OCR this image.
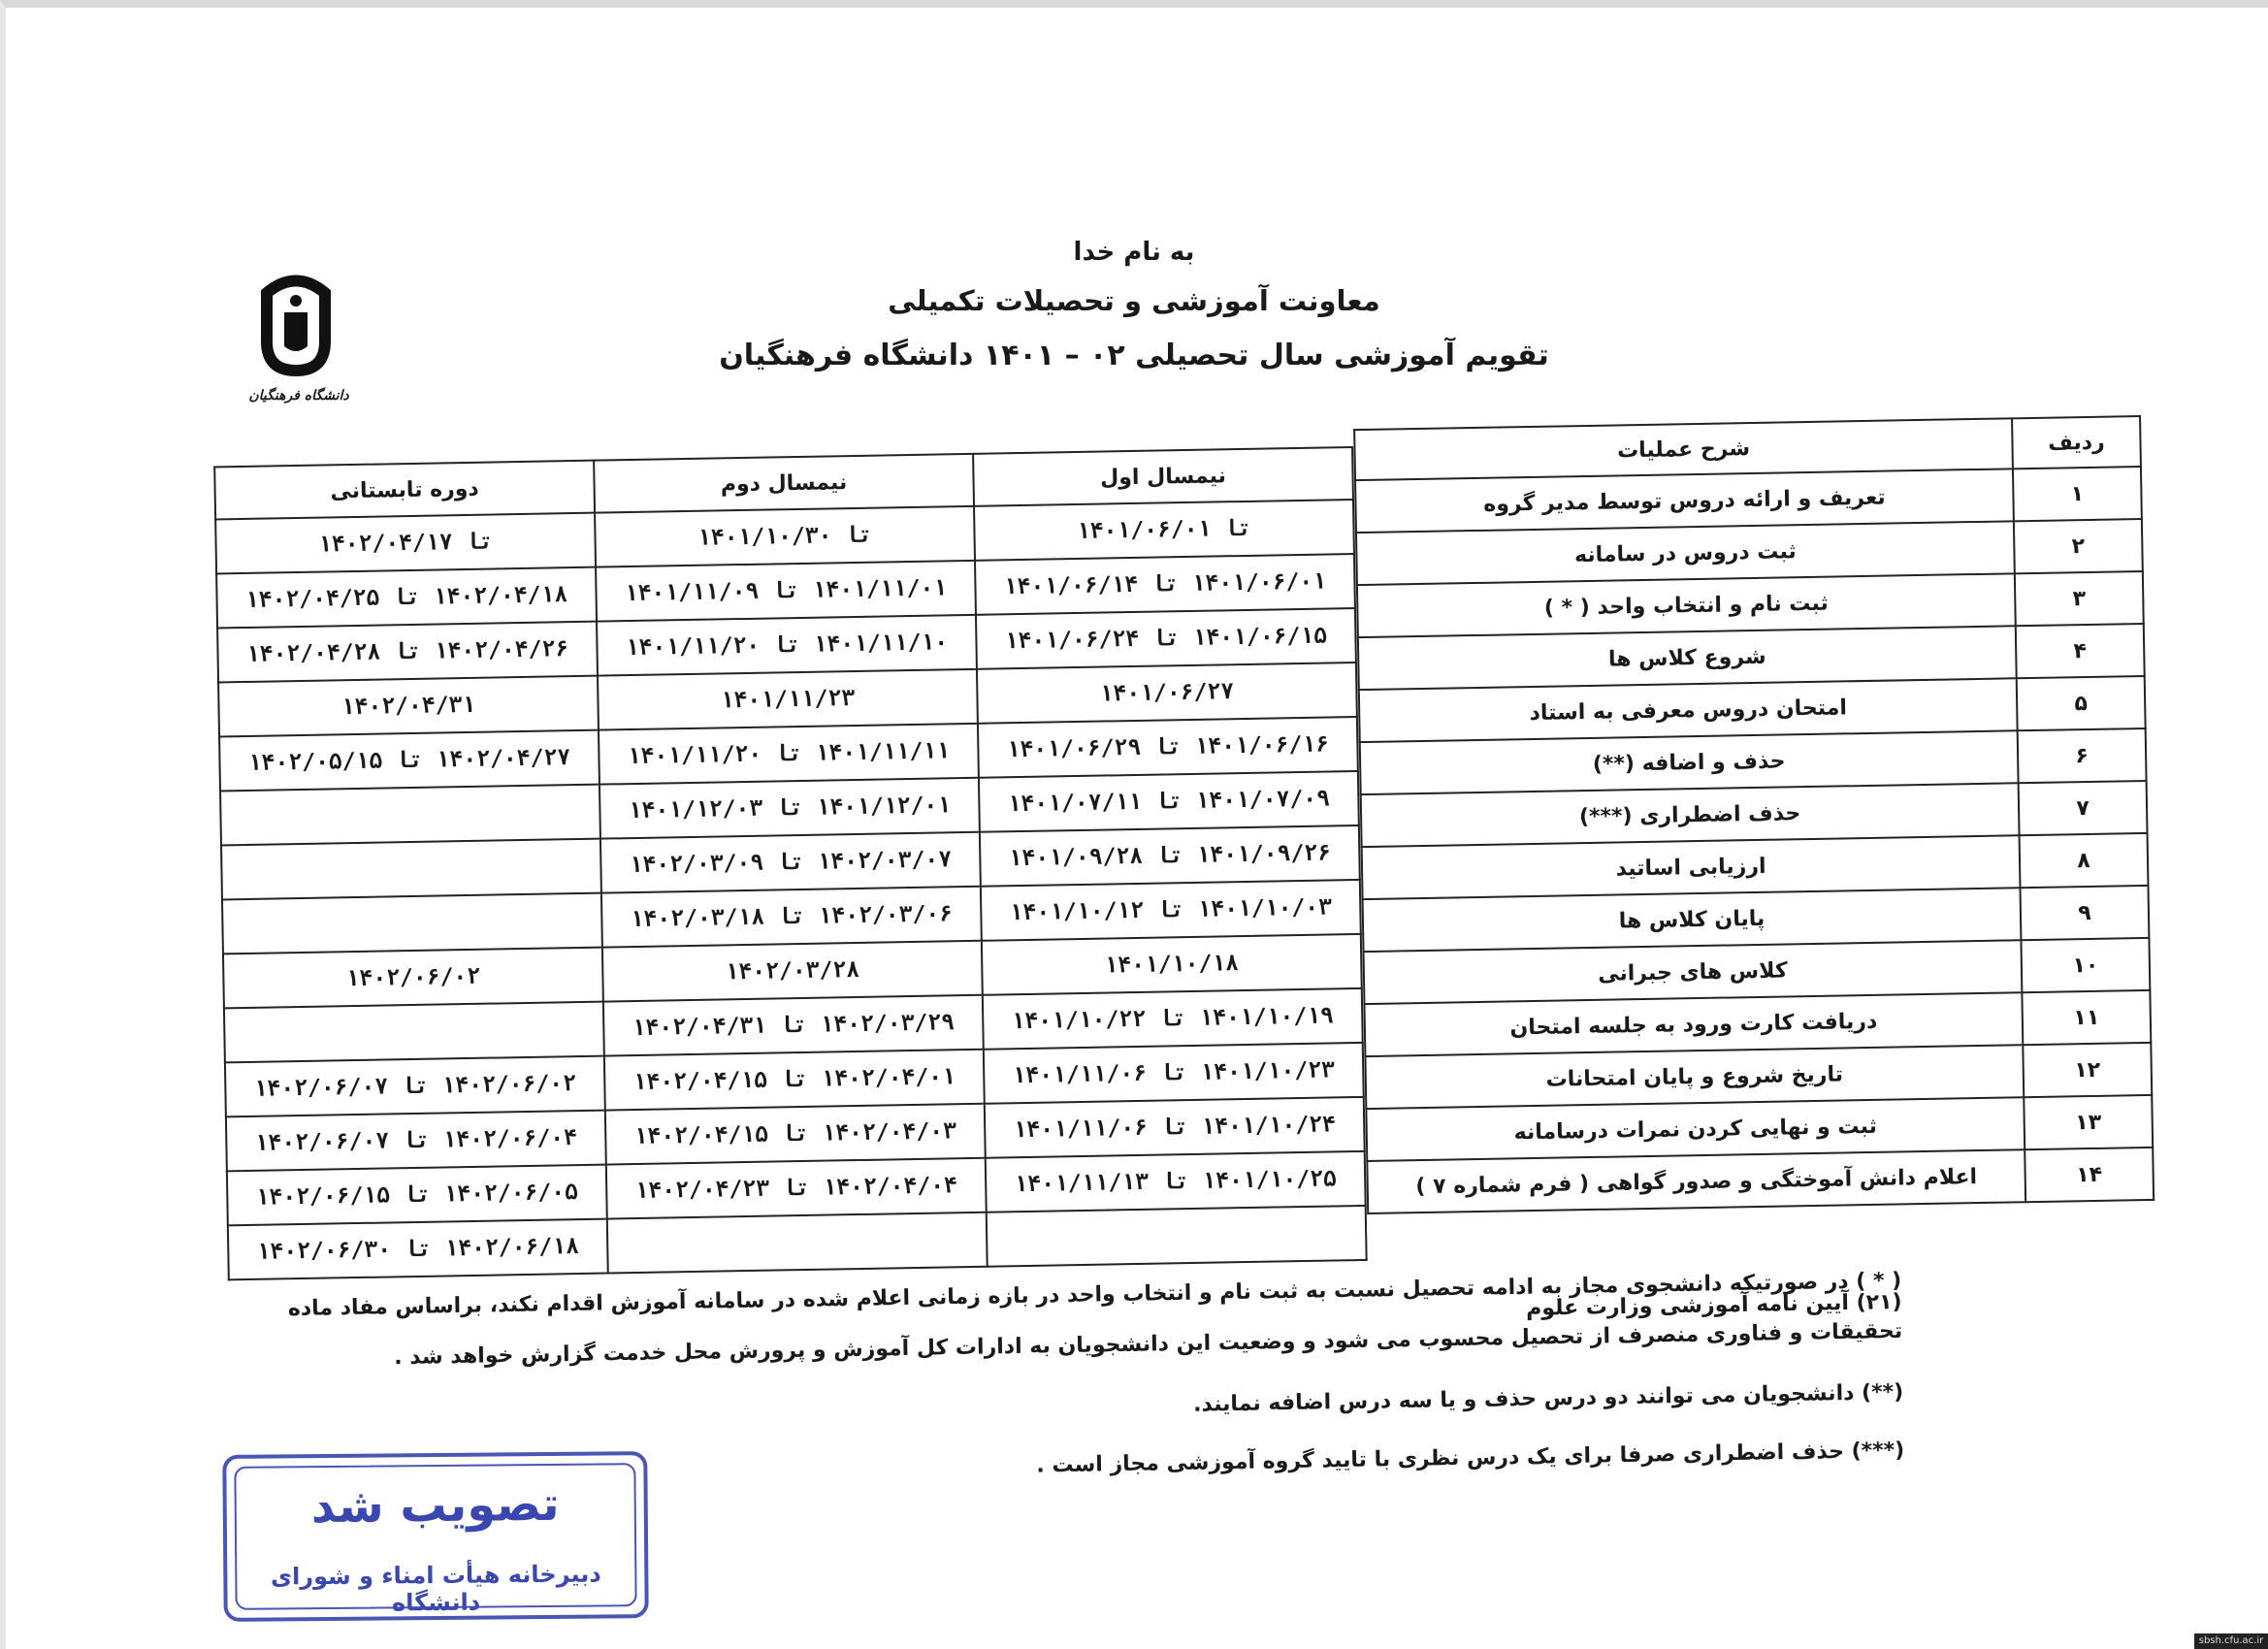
به نام خدا
معاونت آموزشی و تحصیلات تکمیلی
تقویم آموزشی سال تحصیلی ۰۲ – ۱۴۰۱ دانشگاه فرهنگیان
دانشگاه فرهنگیان
ردیف	شرح عملیات
۱	تعریف و ارائه دروس توسط مدیر گروه
۲	ثبت دروس در سامانه
۳	ثبت نام و انتخاب واحد ( * )
۴	شروع کلاس ها
۵	امتحان دروس معرفی به استاد
۶	حذف و اضافه (**)
۷	حذف اضطراری (***)
۸	ارزیابی اساتید
۹	پایان کلاس ها
۱۰	کلاس های جبرانی
۱۱	دریافت کارت ورود به جلسه امتحان
۱۲	تاریخ شروع و پایان امتحانات
۱۳	ثبت و نهایی کردن نمرات درسامانه
۱۴	اعلام دانش آموختگی و صدور گواهی ( فرم شماره ۷ )
نیمسال اول	نیمسال دوم	دوره تابستانی
تا ۱۴۰۱/۰۶/۰۱	تا ۱۴۰۱/۱۰/۳۰	تا ۱۴۰۲/۰۴/۱۷
۱۴۰۱/۰۶/۰۱ تا ۱۴۰۱/۰۶/۱۴	۱۴۰۱/۱۱/۰۱ تا ۱۴۰۱/۱۱/۰۹	۱۴۰۲/۰۴/۱۸ تا ۱۴۰۲/۰۴/۲۵
۱۴۰۱/۰۶/۱۵ تا ۱۴۰۱/۰۶/۲۴	۱۴۰۱/۱۱/۱۰ تا ۱۴۰۱/۱۱/۲۰	۱۴۰۲/۰۴/۲۶ تا ۱۴۰۲/۰۴/۲۸
۱۴۰۱/۰۶/۲۷	۱۴۰۱/۱۱/۲۳	۱۴۰۲/۰۴/۳۱
۱۴۰۱/۰۶/۱۶ تا ۱۴۰۱/۰۶/۲۹	۱۴۰۱/۱۱/۱۱ تا ۱۴۰۱/۱۱/۲۰	۱۴۰۲/۰۴/۲۷ تا ۱۴۰۲/۰۵/۱۵
۱۴۰۱/۰۷/۰۹ تا ۱۴۰۱/۰۷/۱۱	۱۴۰۱/۱۲/۰۱ تا ۱۴۰۱/۱۲/۰۳	
۱۴۰۱/۰۹/۲۶ تا ۱۴۰۱/۰۹/۲۸	۱۴۰۲/۰۳/۰۷ تا ۱۴۰۲/۰۳/۰۹	
۱۴۰۱/۱۰/۰۳ تا ۱۴۰۱/۱۰/۱۲	۱۴۰۲/۰۳/۰۶ تا ۱۴۰۲/۰۳/۱۸	
۱۴۰۱/۱۰/۱۸	۱۴۰۲/۰۳/۲۸	۱۴۰۲/۰۶/۰۲
۱۴۰۱/۱۰/۱۹ تا ۱۴۰۱/۱۰/۲۲	۱۴۰۲/۰۳/۲۹ تا ۱۴۰۲/۰۴/۳۱	
۱۴۰۱/۱۰/۲۳ تا ۱۴۰۱/۱۱/۰۶	۱۴۰۲/۰۴/۰۱ تا ۱۴۰۲/۰۴/۱۵	۱۴۰۲/۰۶/۰۲ تا ۱۴۰۲/۰۶/۰۷
۱۴۰۱/۱۰/۲۴ تا ۱۴۰۱/۱۱/۰۶	۱۴۰۲/۰۴/۰۳ تا ۱۴۰۲/۰۴/۱۵	۱۴۰۲/۰۶/۰۴ تا ۱۴۰۲/۰۶/۰۷
۱۴۰۱/۱۰/۲۵ تا ۱۴۰۱/۱۱/۱۳	۱۴۰۲/۰۴/۰۴ تا ۱۴۰۲/۰۴/۲۳	۱۴۰۲/۰۶/۰۵ تا ۱۴۰۲/۰۶/۱۵
		۱۴۰۲/۰۶/۱۸ تا ۱۴۰۲/۰۶/۳۰

( * ) در صورتیکه دانشجوی مجاز به ادامه تحصیل نسبت به ثبت نام و انتخاب واحد در بازه زمانی اعلام شده در سامانه آموزش اقدام نکند، براساس مفاد ماده (۲۱) آیین نامه آموزشی وزارت علوم

تحقیقات و فناوری منصرف از تحصیل محسوب می شود و وضعیت این دانشجویان به ادارات کل آموزش و پرورش محل خدمت گزارش خواهد شد .

(**) دانشجویان می توانند دو درس حذف و یا سه درس اضافه نمایند.

(***) حذف اضطراری صرفا برای یک درس نظری با تایید گروه آموزشی مجاز است .

تصویب شد
دبیرخانه هیأت امناء و شورای دانشگاه
sbsh.cfu.ac.ir
